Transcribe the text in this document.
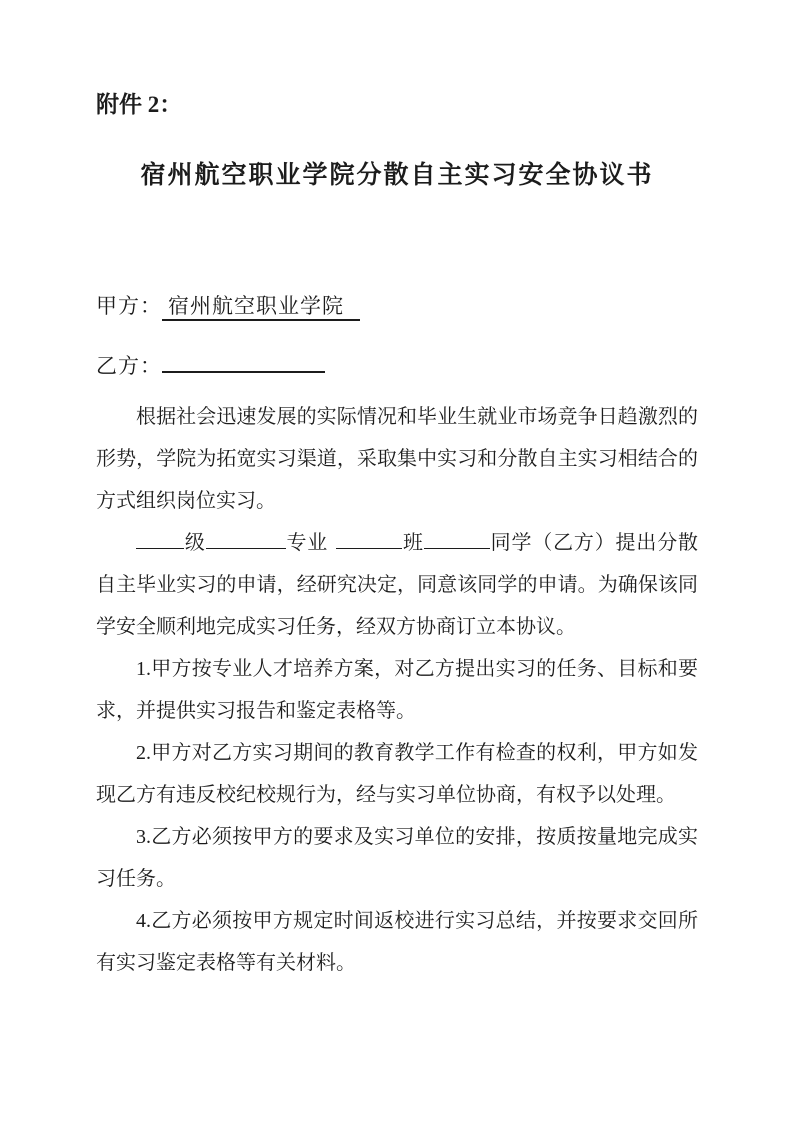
附件 2：
宿州航空职业学院分散自主实习安全协议书
甲方： 宿州航空职业学院
乙方：

根据社会迅速发展的实际情况和毕业生就业市场竞争日趋激烈的形势，学院为拓宽实习渠道，采取集中实习和分散自主实习相结合的方式组织岗位实习。

级	专业	班	同学（乙方）提出分散自主毕业实习的申请，经研究决定，同意该同学的申请。为确保该同学安全顺利地完成实习任务，经双方协商订立本协议。

1.甲方按专业人才培养方案，对乙方提出实习的任务、目标和要求，并提供实习报告和鉴定表格等。

2.甲方对乙方实习期间的教育教学工作有检查的权利，甲方如发现乙方有违反校纪校规行为，经与实习单位协商，有权予以处理。

3.乙方必须按甲方的要求及实习单位的安排，按质按量地完成实习任务。

4.乙方必须按甲方规定时间返校进行实习总结，并按要求交回所有实习鉴定表格等有关材料。
